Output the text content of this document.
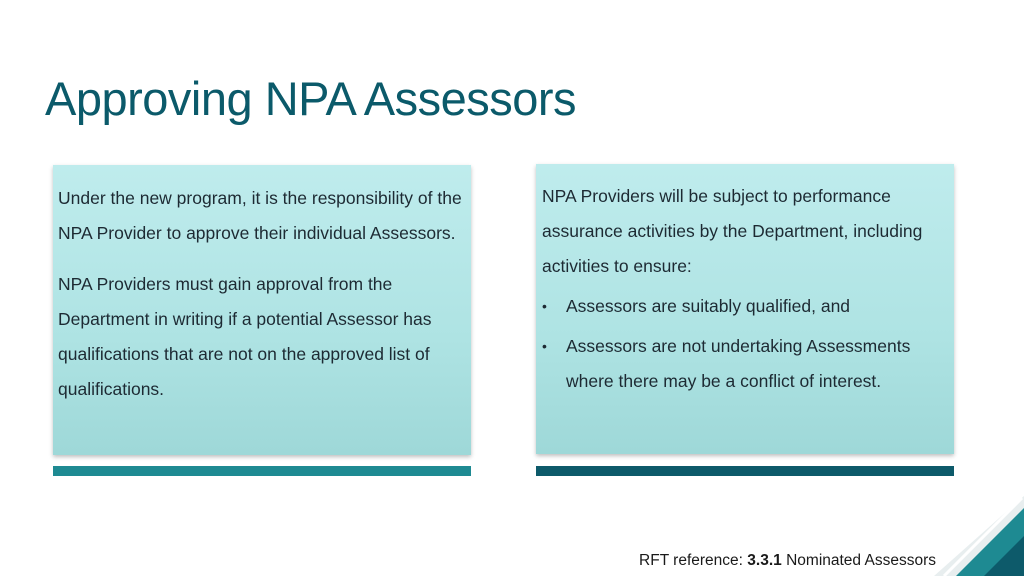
Approving NPA Assessors

Under the new program, it is the responsibility of the NPA Provider to approve their individual Assessors.

NPA Providers must gain approval from the Department in writing if a potential Assessor has qualifications that are not on the approved list of qualifications.

NPA Providers will be subject to performance assurance activities by the Department, including activities to ensure:

• Assessors are suitably qualified, and
• Assessors are not undertaking Assessments where there may be a conflict of interest.
RFT reference: 3.3.1 Nominated Assessors
